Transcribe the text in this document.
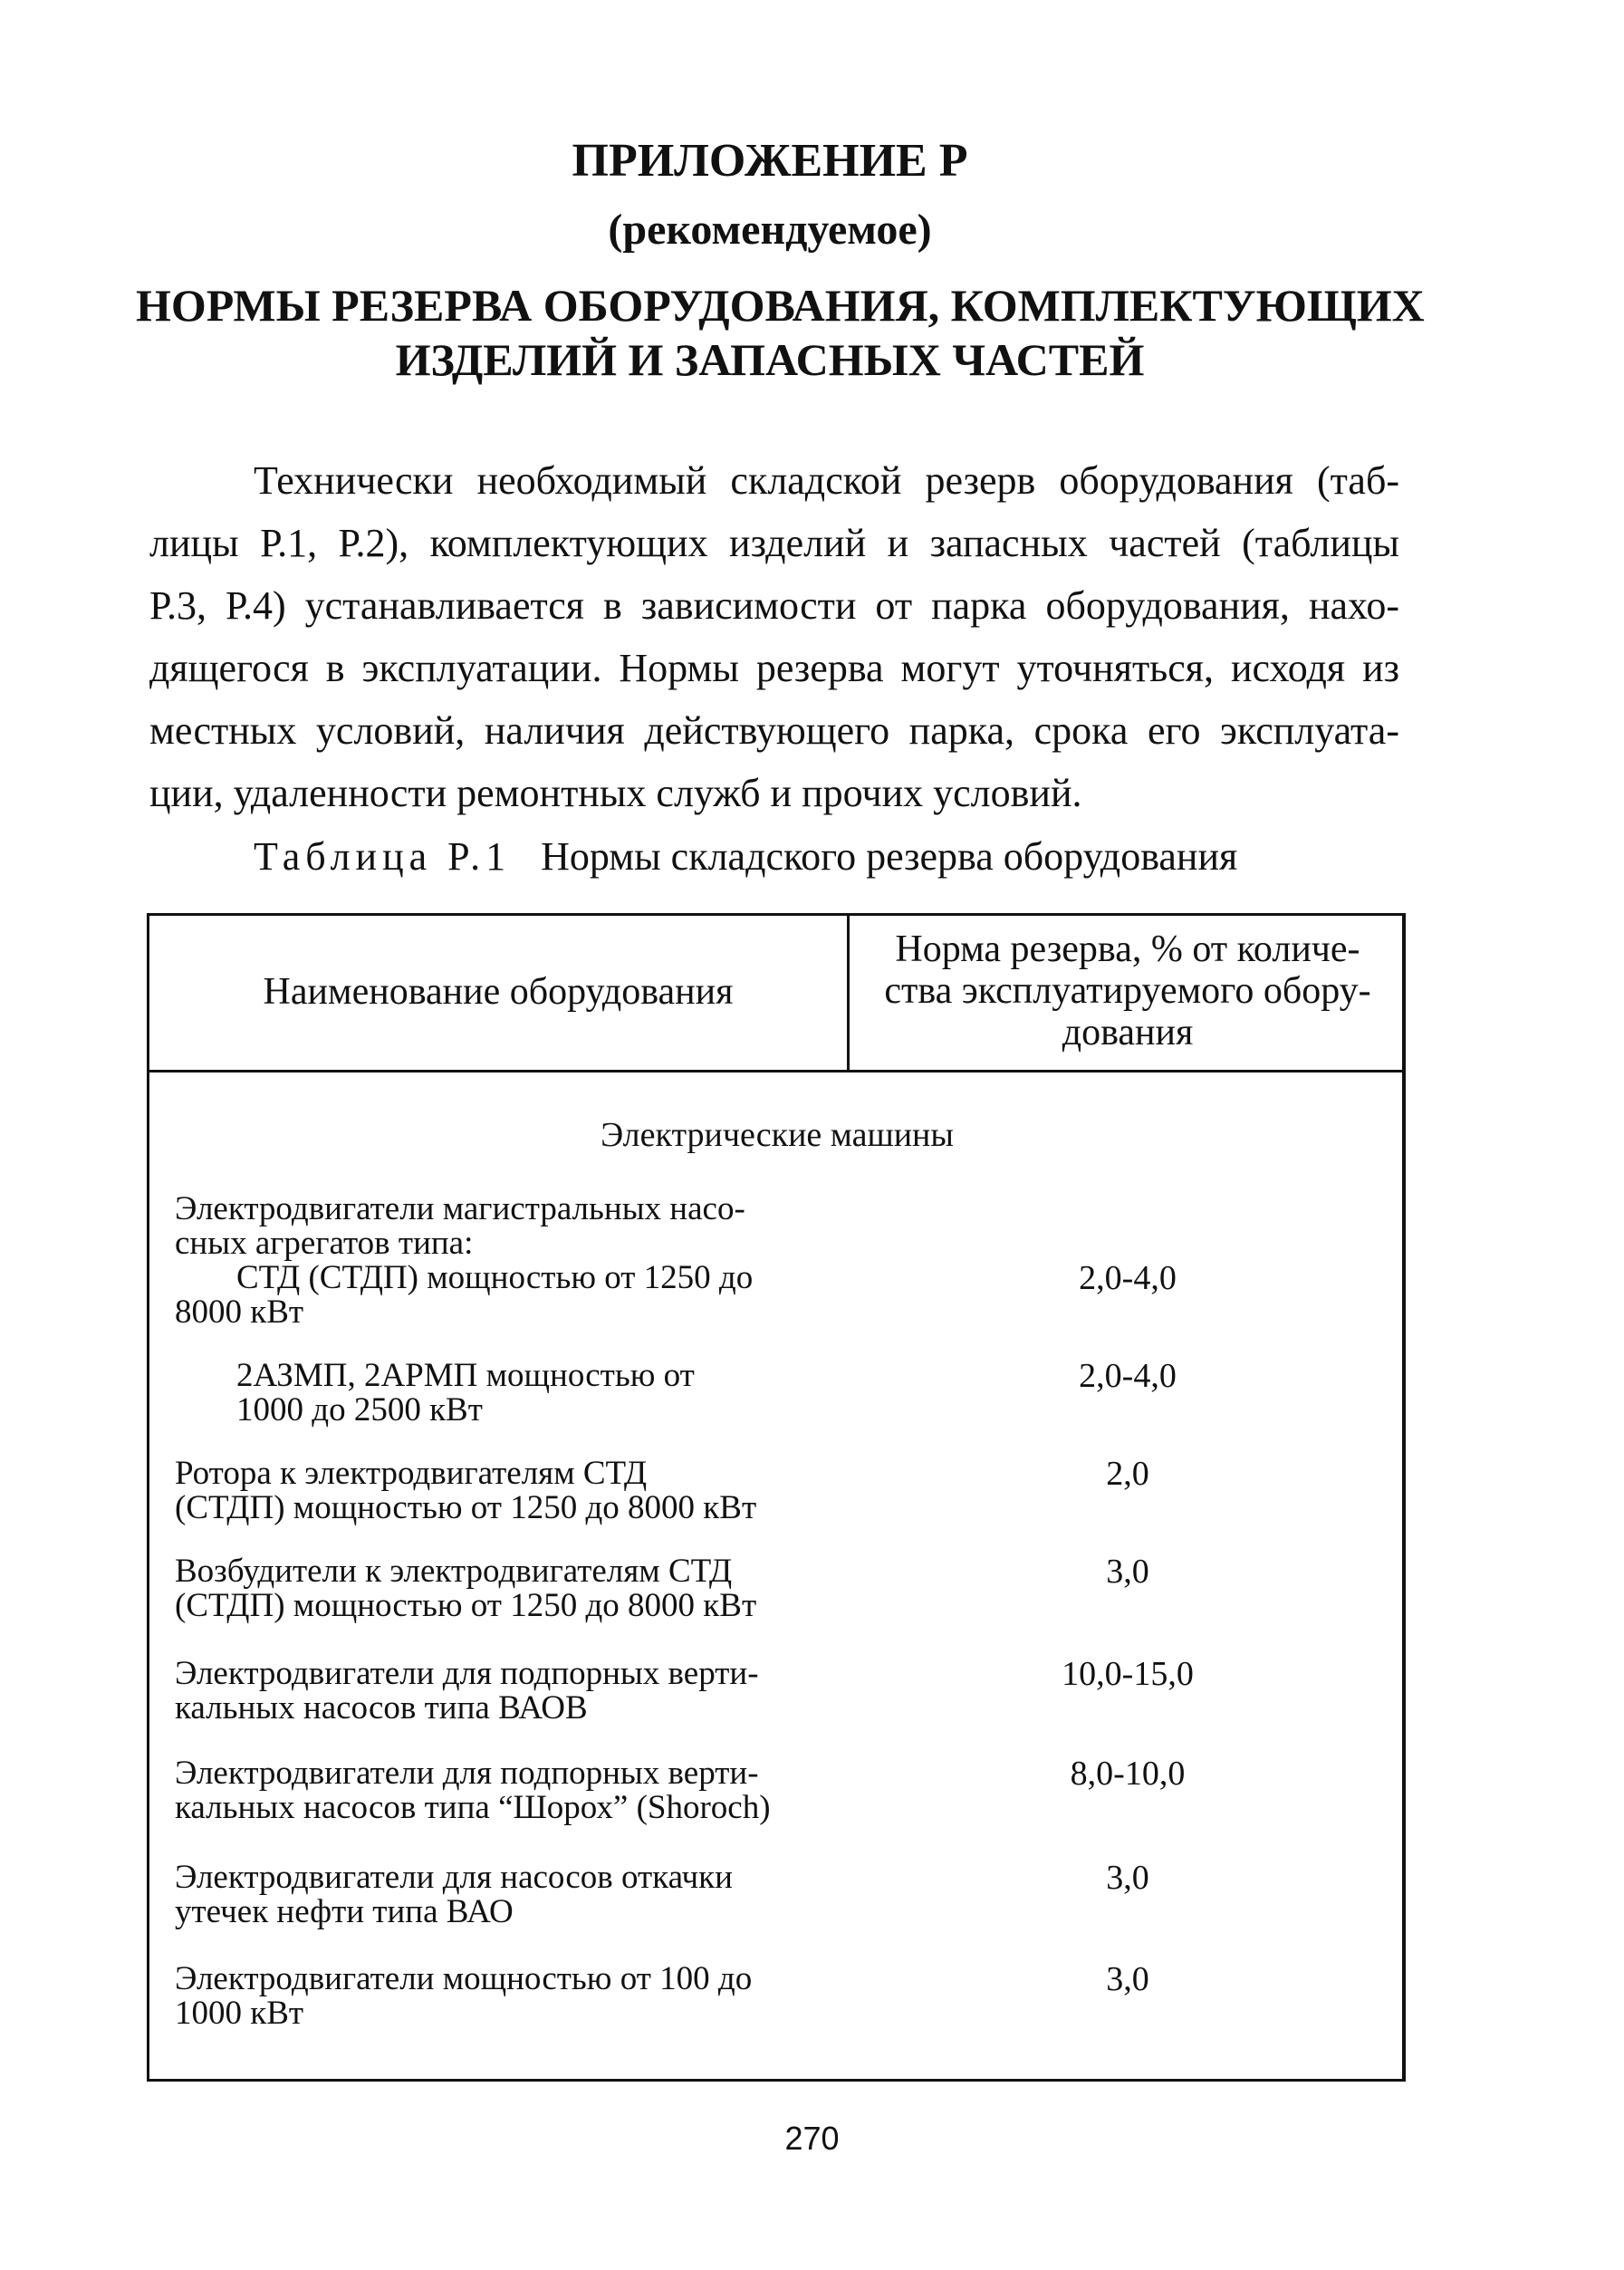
ПРИЛОЖЕНИЕ Р
(рекомендуемое)
НОРМЫ РЕЗЕРВА ОБОРУДОВАНИЯ, КОМПЛЕКТУЮЩИХ
ИЗДЕЛИЙ И ЗАПАСНЫХ ЧАСТЕЙ
Технически необходимый складской резерв оборудования (таб-
лицы Р.1, Р.2), комплектующих изделий и запасных частей (таблицы
Р.3, Р.4) устанавливается в зависимости от парка оборудования, нахо-
дящегося в эксплуатации. Нормы резерва могут уточняться, исходя из
местных условий, наличия действующего парка, срока его эксплуата-
ции, удаленности ремонтных служб и прочих условий.
Таблица Р.1 Нормы складского резерва оборудования
Наименование оборудования
Норма резерва, % от количе-
ства эксплуатируемого обору-
дования
Электрические машины
Электродвигатели магистральных насо-
сных агрегатов типа:
СТД (СТДП) мощностью от 1250 до
8000 кВт
2,0-4,0
2АЗМП, 2АРМП мощностью от
1000 до 2500 кВт
2,0-4,0
Ротора к электродвигателям СТД
(СТДП) мощностью от 1250 до 8000 кВт
2,0
Возбудители к электродвигателям СТД
(СТДП) мощностью от 1250 до 8000 кВт
3,0
Электродвигатели для подпорных верти-
кальных насосов типа ВАОВ
10,0-15,0
Электродвигатели для подпорных верти-
кальных насосов типа “Шорох” (Shoroch)
8,0-10,0
Электродвигатели для насосов откачки
утечек нефти типа ВАО
3,0
Электродвигатели мощностью от 100 до
1000 кВт
3,0
270
